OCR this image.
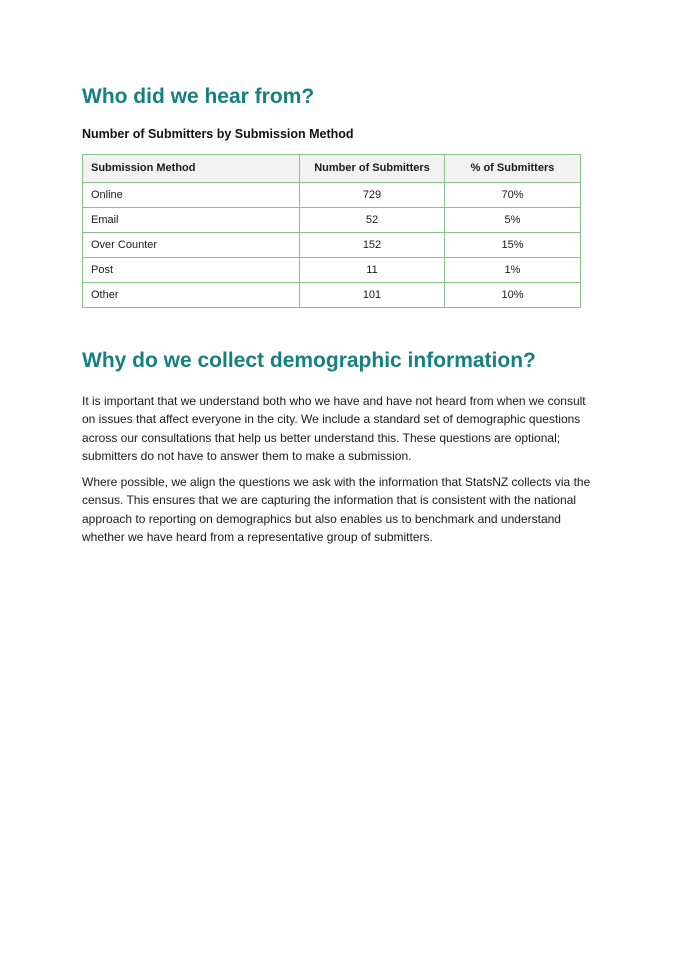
Who did we hear from?
Number of Submitters by Submission Method
Submission Method	Number of Submitters	% of Submitters
Online	729	70%
Email	52	5%
Over Counter	152	15%
Post	11	1%
Other	101	10%
Why do we collect demographic information?

It is important that we understand both who we have and have not heard from when we consult on issues that affect everyone in the city. We include a standard set of demographic questions across our consultations that help us better understand this. These questions are optional; submitters do not have to answer them to make a submission.

Where possible, we align the questions we ask with the information that StatsNZ collects via the census. This ensures that we are capturing the information that is consistent with the national approach to reporting on demographics but also enables us to benchmark and understand whether we have heard from a representative group of submitters.
